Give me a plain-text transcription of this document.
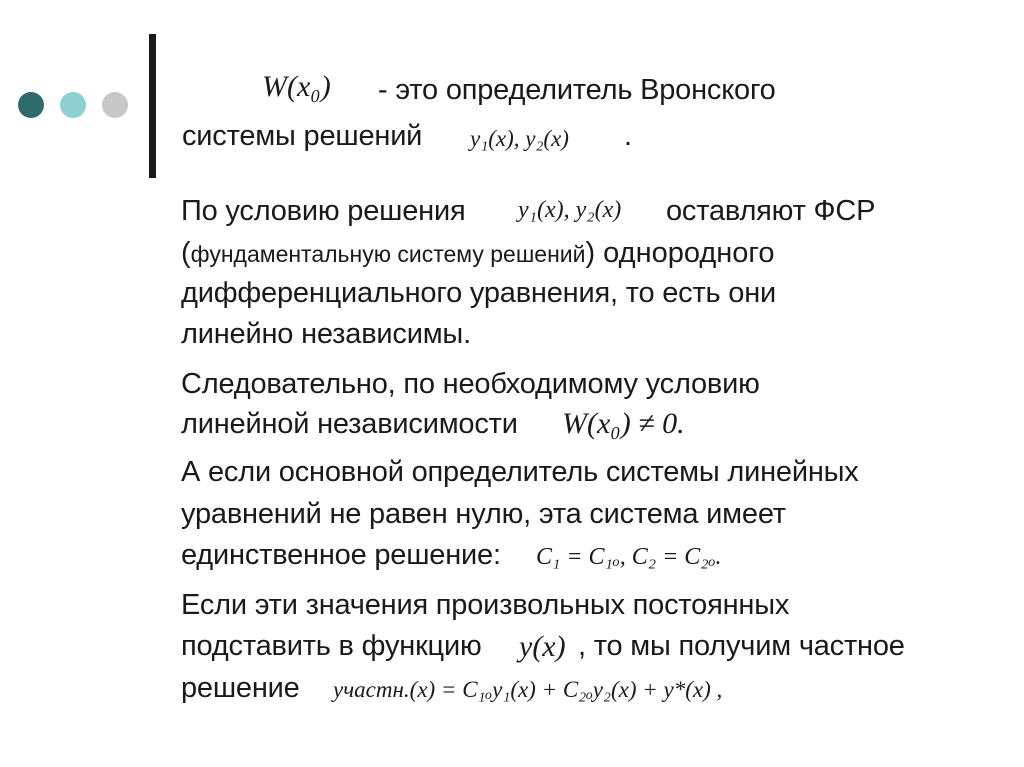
W(x₀) - это определитель Вронского
системы решений y₁(x), y₂(x) .
По условию решения y₁(x), y₂(x) оставляют ФСР
(фундаментальную систему решений) однородного
дифференциального уравнения, то есть они
линейно независимы.
Следовательно, по необходимому условию
линейной независимости W(x₀) ≠ 0.
А если основной определитель системы линейных
уравнений не равен нулю, эта система имеет
единственное решение: C₁ = C₁ₒ, C₂ = C₂ₒ.
Если эти значения произвольных постоянных
подставить в функцию y(x) , то мы получим частное
решение yчастн.(x) = C₁ₒy₁(x) + C₂ₒy₂(x) + y*(x) ,
